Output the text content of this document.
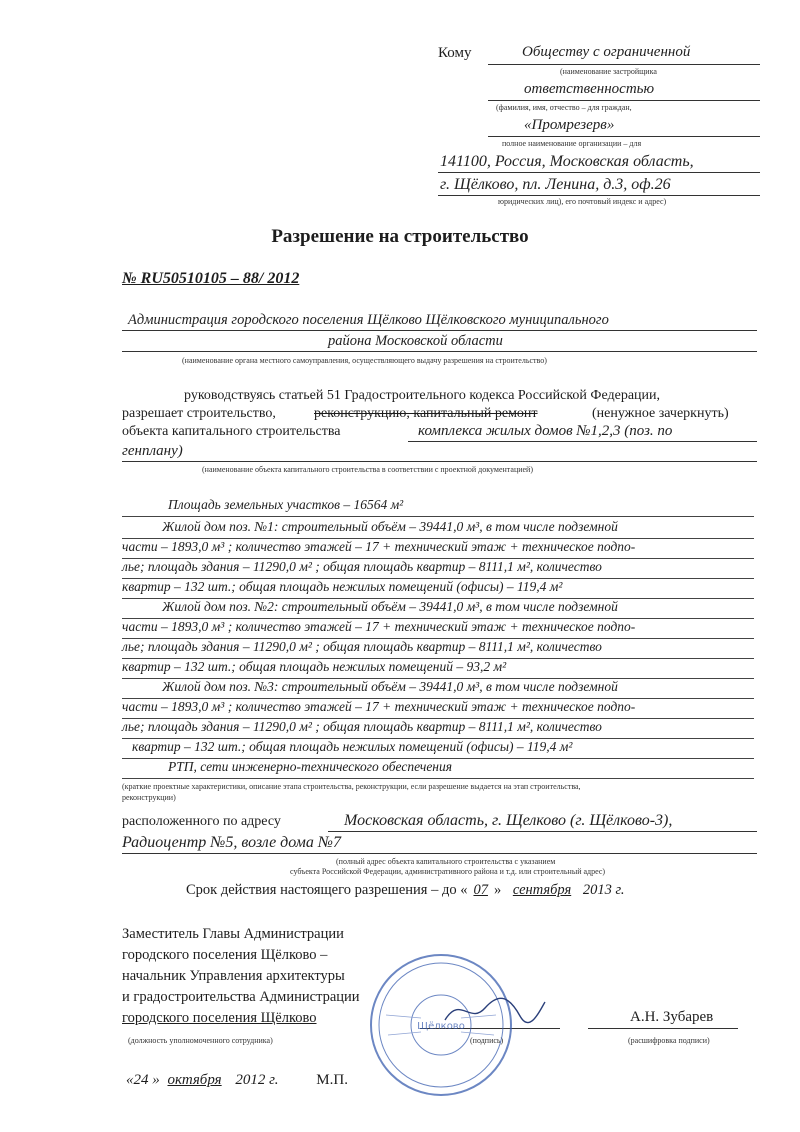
Кому	Обществу с ограниченной
(наименование застройщика
ответственностью
(фамилия, имя, отчество – для граждан,
«Промрезерв»
полное наименование организации – для
141100, Россия, Московская область,
г. Щёлково, пл. Ленина, д.3, оф.26
юридических лиц), его почтовый индекс и адрес)
Разрешение на строительство
№ RU50510105 – 88/ 2012
Администрация городского поселения Щёлково Щёлковского муниципального
района Московской области
(наименование органа местного самоуправления, осуществляющего выдачу разрешения на строительство)
руководствуясь статьей 51 Градостроительного кодекса Российской Федерации,
разрешает строительство,	реконструкцию, капитальный ремонт	(ненужное зачеркнуть)
объекта капитального строительства	комплекса жилых домов №1,2,3 (поз. по
генплану)
(наименование объекта капитального строительства в соответствии с проектной документацией)
Площадь земельных участков – 16564 м²
Жилой дом поз. №1: строительный объём – 39441,0 м³, в том числе подземной
части – 1893,0 м³ ; количество этажей – 17 + технический этаж + техническое подпо-
лье; площадь здания – 11290,0 м² ; общая площадь квартир – 8111,1 м², количество
квартир – 132 шт.; общая площадь нежилых помещений (офисы) – 119,4 м²
Жилой дом поз. №2: строительный объём – 39441,0 м³, в том числе подземной
части – 1893,0 м³ ; количество этажей – 17 + технический этаж + техническое подпо-
лье; площадь здания – 11290,0 м² ; общая площадь квартир – 8111,1 м², количество
квартир – 132 шт.; общая площадь нежилых помещений – 93,2 м²
Жилой дом поз. №3: строительный объём – 39441,0 м³, в том числе подземной
части – 1893,0 м³ ; количество этажей – 17 + технический этаж + техническое подпо-
лье; площадь здания – 11290,0 м² ; общая площадь квартир – 8111,1 м², количество
квартир – 132 шт.; общая площадь нежилых помещений (офисы) – 119,4 м²
РТП, сети инженерно-технического обеспечения
(краткие проектные характеристики, описание этапа строительства, реконструкции, если разрешение выдается на этап строительства,
реконструкции)
расположенного по адресу	Московская область, г. Щелково (г. Щёлково-3),
Радиоцентр №5, возле дома №7
(полный адрес объекта капитального строительства с указанием
субъекта Российской Федерации, административного района и т.д. или строительный адрес)
Срок действия настоящего разрешения – до « 07 » сентября 2013 г.
Заместитель Главы Администрации
городского поселения Щёлково –
начальник Управления архитектуры
и градостроительства Администрации
городского поселения Щёлково
(должность уполномоченного сотрудника)	(подпись)
А.Н. Зубарев
(расшифровка подписи)
Щёлково
«24 » октября 2012 г.	М.П.
